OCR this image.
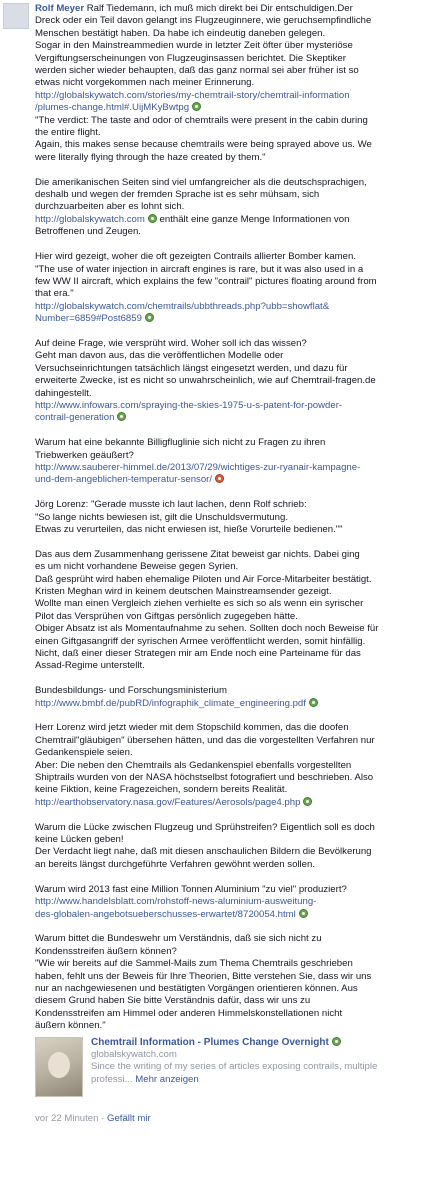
Rolf Meyer Ralf Tiedemann, ich muß mich direkt bei Dir entschuldigen.Der
Dreck oder ein Teil davon gelangt ins Flugzeuginnere, wie geruchsempfindliche
Menschen bestätigt haben. Da habe ich eindeutig daneben gelegen.
Sogar in den Mainstreammedien wurde in letzter Zeit öfter über mysteriöse
Vergiftungserscheinungen von Flugzeuginsassen berichtet. Die Skeptiker
werden sicher wieder behaupten, daß das ganz normal sei aber früher ist so
etwas nicht vorgekommen nach meiner Erinnerung.
http://globalskywatch.com/stories/my-chemtrail-story/chemtrail-information
/plumes-change.html#.UijMKyBwtpg

"The verdict: The taste and odor of chemtrails were present in the cabin during
the entire flight.
Again, this makes sense because chemtrails were being sprayed above us. We
were literally flying through the haze created by them."
Die amerikanischen Seiten sind viel umfangreicher als die deutschsprachigen,
deshalb und wegen der fremden Sprache ist es sehr mühsam, sich
durchzuarbeiten aber es lohnt sich.
http://globalskywatch.com enthält eine ganze Menge Informationen von
Betroffenen und Zeugen.
Hier wird gezeigt, woher die oft gezeigten Contrails allierter Bomber kamen.
"The use of water injection in aircraft engines is rare, but it was also used in a
few WW II aircraft, which explains the few "contrail" pictures floating around from
that era."
http://globalskywatch.com/chemtrails/ubbthreads.php?ubb=showflat&
Number=6859#Post6859

Auf deine Frage, wie versprüht wird. Woher soll ich das wissen?
Geht man davon aus, das die veröffentlichen Modelle oder
Versuchseinrichtungen tatsächlich längst eingesetzt werden, und dazu für
erweiterte Zwecke, ist es nicht so unwahrscheinlich, wie auf Chemtrail-fragen.de
dahingestellt.
http://www.infowars.com/spraying-the-skies-1975-u-s-patent-for-powder-
contrail-generation

Warum hat eine bekannte Billigfluglinie sich nicht zu Fragen zu ihren
Triebwerken geäußert?
http://www.sauberer-himmel.de/2013/07/29/wichtiges-zur-ryanair-kampagne-
und-dem-angeblichen-temperatur-sensor/

Jörg Lorenz: "Gerade musste ich laut lachen, denn Rolf schrieb:
"So lange nichts bewiesen ist, gilt die Unschuldsvermutung.
Etwas zu verurteilen, das nicht erwiesen ist, hieße Vorurteile bedienen.""
Das aus dem Zusammenhang gerissene Zitat beweist gar nichts. Dabei ging
es um nicht vorhandene Beweise gegen Syrien.
Daß gesprüht wird haben ehemalige Piloten und Air Force-Mitarbeiter bestätigt.
Kristen Meghan wird in keinem deutschen Mainstreamsender gezeigt.
Wollte man einen Vergleich ziehen verhielte es sich so als wenn ein syrischer
Pilot das Versprühen von Giftgas persönlich zugegeben hätte.
Obiger Absatz ist als Momentaufnahme zu sehen. Sollten doch noch Beweise für
einen Giftgasangriff der syrischen Armee veröffentlicht werden, somit hinfällig.
Nicht, daß einer dieser Strategen mir am Ende noch eine Parteiname für das
Assad-Regime unterstellt.
Bundesbildungs- und Forschungsministerium
http://www.bmbf.de/pubRD/infographik_climate_engineering.pdf

Herr Lorenz wird jetzt wieder mit dem Stopschild kommen, das die doofen
Chemtrail"gläubigen" übersehen hätten, und das die vorgestellten Verfahren nur
Gedankenspiele seien.
Aber: Die neben den Chemtrails als Gedankenspiel ebenfalls vorgestellten
Shiptrails wurden von der NASA höchstselbst fotografiert und beschrieben. Also
keine Fiktion, keine Fragezeichen, sondern bereits Realität.
http://earthobservatory.nasa.gov/Features/Aerosols/page4.php

Warum die Lücke zwischen Flugzeug und Sprühstreifen? Eigentlich soll es doch
keine Lücken geben!
Der Verdacht liegt nahe, daß mit diesen anschaulichen Bildern die Bevölkerung
an bereits längst durchgeführte Verfahren gewöhnt werden sollen.
Warum wird 2013 fast eine Million Tonnen Aluminium "zu viel" produziert?
http://www.handelsblatt.com/rohstoff-news-aluminium-ausweitung-
des-globalen-angebotsueberschusses-erwartet/8720054.html

Warum bittet die Bundeswehr um Verständnis, daß sie sich nicht zu
Kondensstreifen äußern können?
"Wie wir bereits auf die Sammel-Mails zum Thema Chemtrails geschrieben
haben, fehlt uns der Beweis für Ihre Theorien, Bitte verstehen Sie, dass wir uns
nur an nachgewiesenen und bestätigten Vorgängen orientieren können. Aus
diesem Grund haben Sie bitte Verständnis dafür, dass wir uns zu
Kondensstreifen am Himmel oder anderen Himmelskonstellationen nicht
äußern können."
Chemtrail Information - Plumes Change Overnight
globalskywatch.com
Since the writing of my series of articles exposing contrails, multiple
professi... Mehr anzeigen
vor 22 Minuten · Gefällt mir
